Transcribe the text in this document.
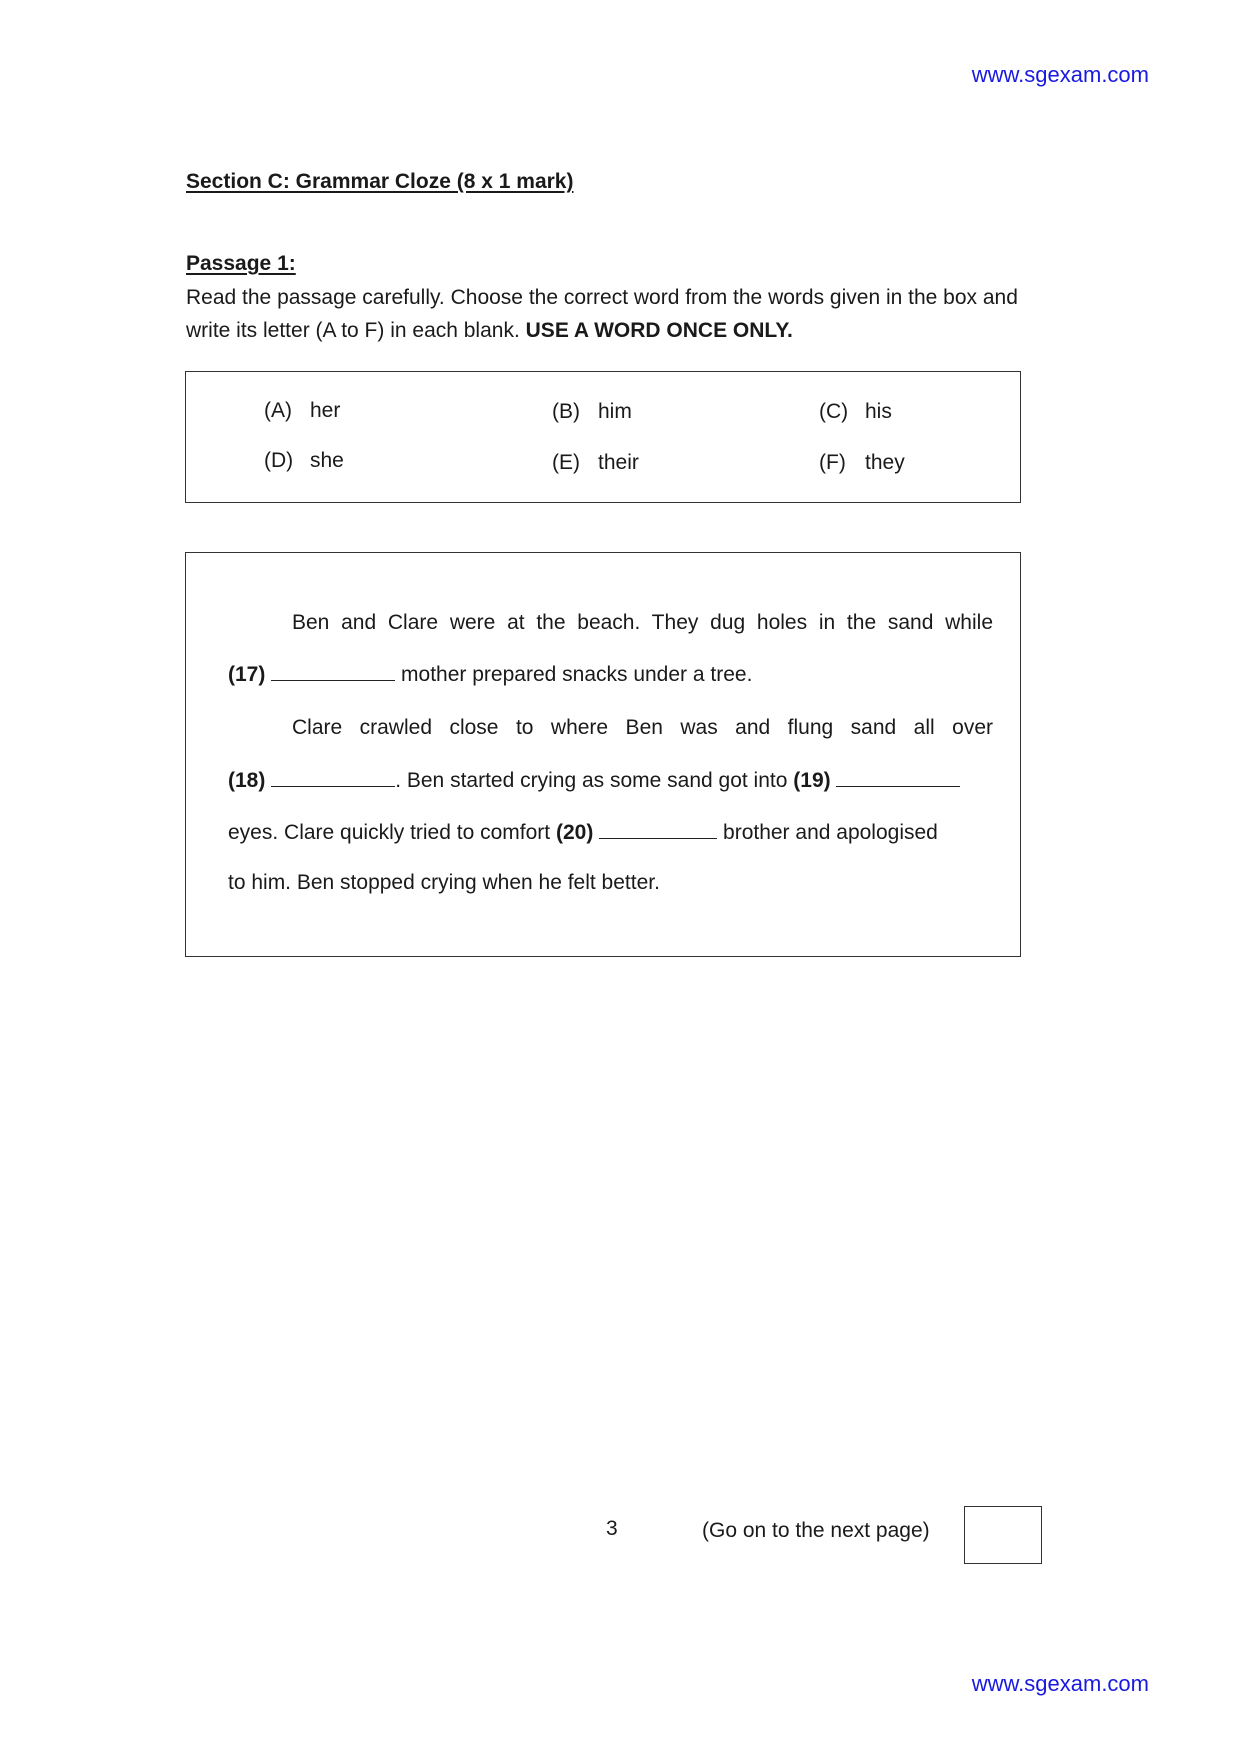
www.sgexam.com
Section C: Grammar Cloze (8 x 1 mark)
Passage 1:
Read the passage carefully. Choose the correct word from the words given in the box and write its letter (A to F) in each blank. USE A WORD ONCE ONLY.
(A) her	(B) him	(C) his
(D) she	(E) their	(F) they
Ben and Clare were at the beach. They dug holes in the sand while
(17)	mother prepared snacks under a tree.
Clare crawled close to where Ben was and flung sand all over
(18)	. Ben started crying as some sand got into (19)
eyes. Clare quickly tried to comfort (20)	brother and apologised
to him. Ben stopped crying when he felt better.
3	(Go on to the next page)
www.sgexam.com
